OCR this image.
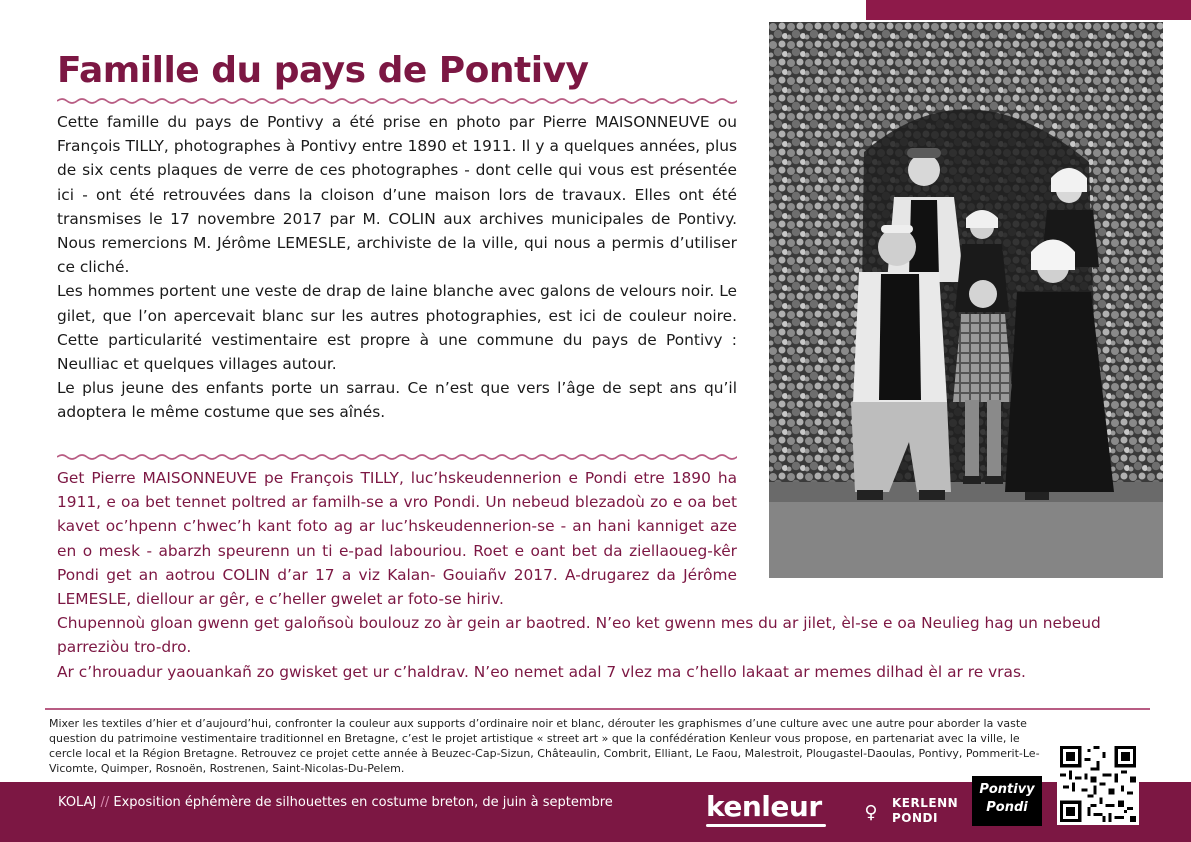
Famille du pays de Pontivy

Cette famille du pays de Pontivy a été prise en photo par Pierre MAISONNEUVE ou François TILLY, photographes à Pontivy entre 1890 et 1911. Il y a quelques années, plus de six cents plaques de verre de ces photographes - dont celle qui vous est présentée ici - ont été retrouvées dans la cloison d’une maison lors de travaux. Elles ont été transmises le 17 novembre 2017 par M. COLIN aux archives municipales de Pontivy. Nous remercions M. Jérôme LEMESLE, archiviste de la ville, qui nous a permis d’utiliser ce cliché.

Les hommes portent une veste de drap de laine blanche avec galons de velours noir. Le gilet, que l’on apercevait blanc sur les autres photographies, est ici de couleur noire. Cette particularité vestimentaire est propre à une commune du pays de Pontivy : Neulliac et quelques villages autour.

Le plus jeune des enfants porte un sarrau. Ce n’est que vers l’âge de sept ans qu’il adoptera le même costume que ses aînés.

Get Pierre MAISONNEUVE pe François TILLY, luc’hskeudennerion e Pondi etre 1890 ha 1911, e oa bet tennet poltred ar familh-se a vro Pondi. Un nebeud blezadoù zo e oa bet kavet oc’hpenn c’hwec’h kant foto ag ar luc’hskeudennerion-se - an hani kanniget aze en o mesk - abarzh speurenn un ti e-pad labouriou. Roet e oant bet da ziellaoueg-kêr Pondi get an aotrou COLIN d’ar 17 a viz Kalan- Gouiañv 2017. A-drugarez da Jérôme LEMESLE, diellour ar gêr, e c’heller gwelet ar foto-se hiriv.

Chupennoù gloan gwenn get galoñsoù boulouz zo àr gein ar baotred. N’eo ket gwenn mes du ar jilet, èl-se e oa Neulieg hag un nebeud parreziòu tro-dro.

Ar c’hrouadur yaouankañ zo gwisket get ur c’haldrav. N’eo nemet adal 7 vlez ma c’hello lakaat ar memes dilhad èl ar re vras.

Mixer les textiles d’hier et d’aujourd’hui, confronter la couleur aux supports d’ordinaire noir et blanc, dérouter les graphismes d’une culture avec une autre pour aborder la vaste question du patrimoine vestimentaire traditionnel en Bretagne, c’est le projet artistique « street art » que la confédération Kenleur vous propose, en partenariat avec la ville, le cercle local et la Région Bretagne. Retrouvez ce projet cette année à Beuzec-Cap-Sizun, Châteaulin, Combrit, Elliant, Le Faou, Malestroit, Plougastel-Daoulas, Pontivy, Pommerit-Le-Vicomte, Quimper, Rosnoën, Rostrenen, Saint-Nicolas-Du-Pelem.
KOLAJ // Exposition éphémère de silhouettes en costume breton, de juin à septembre	kenleur	♀	KERLENN
PONDI
Pontivy
Pondi
